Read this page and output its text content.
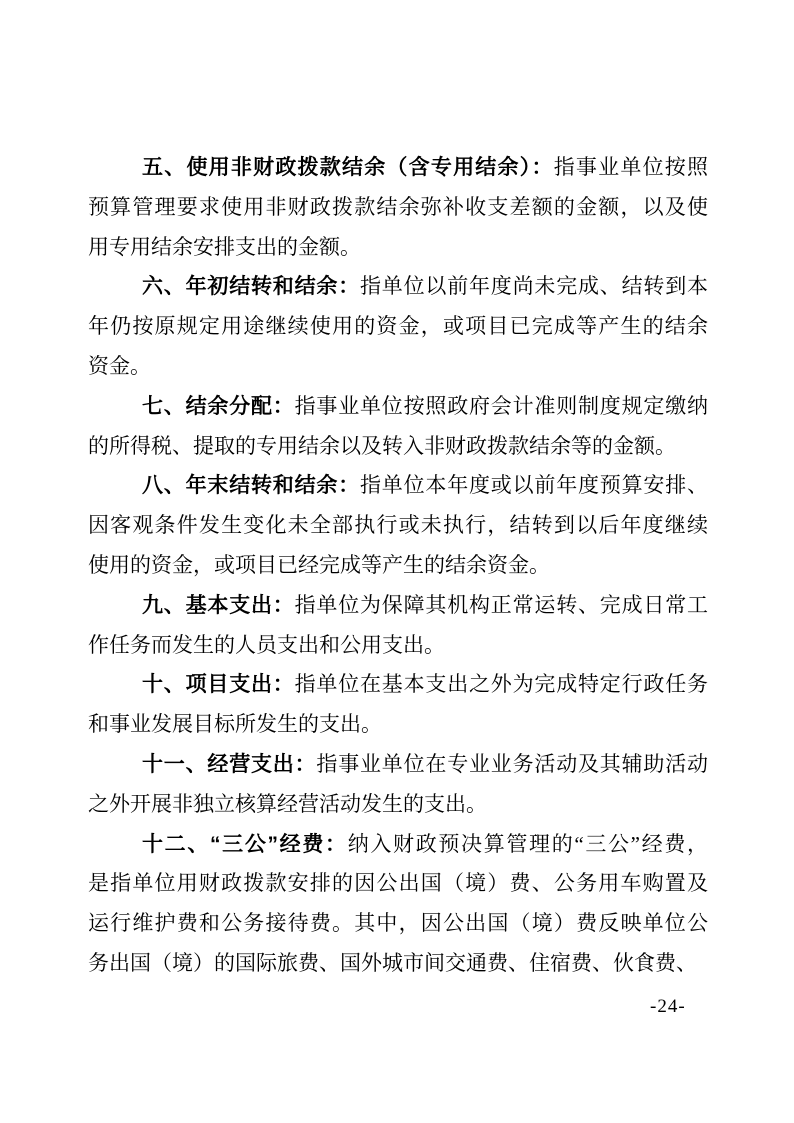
五、使用非财政拨款结余（含专用结余）：指事业单位按照
预算管理要求使用非财政拨款结余弥补收支差额的金额，以及使
用专用结余安排支出的金额。
六、年初结转和结余：指单位以前年度尚未完成、结转到本
年仍按原规定用途继续使用的资金，或项目已完成等产生的结余
资金。
七、结余分配：指事业单位按照政府会计准则制度规定缴纳
的所得税、提取的专用结余以及转入非财政拨款结余等的金额。
八、年末结转和结余：指单位本年度或以前年度预算安排、
因客观条件发生变化未全部执行或未执行，结转到以后年度继续
使用的资金，或项目已经完成等产生的结余资金。
九、基本支出：指单位为保障其机构正常运转、完成日常工
作任务而发生的人员支出和公用支出。
十、项目支出：指单位在基本支出之外为完成特定行政任务
和事业发展目标所发生的支出。
十一、经营支出：指事业单位在专业业务活动及其辅助活动
之外开展非独立核算经营活动发生的支出。
十二、“三公”经费：纳入财政预决算管理的“三公”经费，
是指单位用财政拨款安排的因公出国（境）费、公务用车购置及
运行维护费和公务接待费。其中，因公出国（境）费反映单位公
务出国（境）的国际旅费、国外城市间交通费、住宿费、伙食费、
-24-
